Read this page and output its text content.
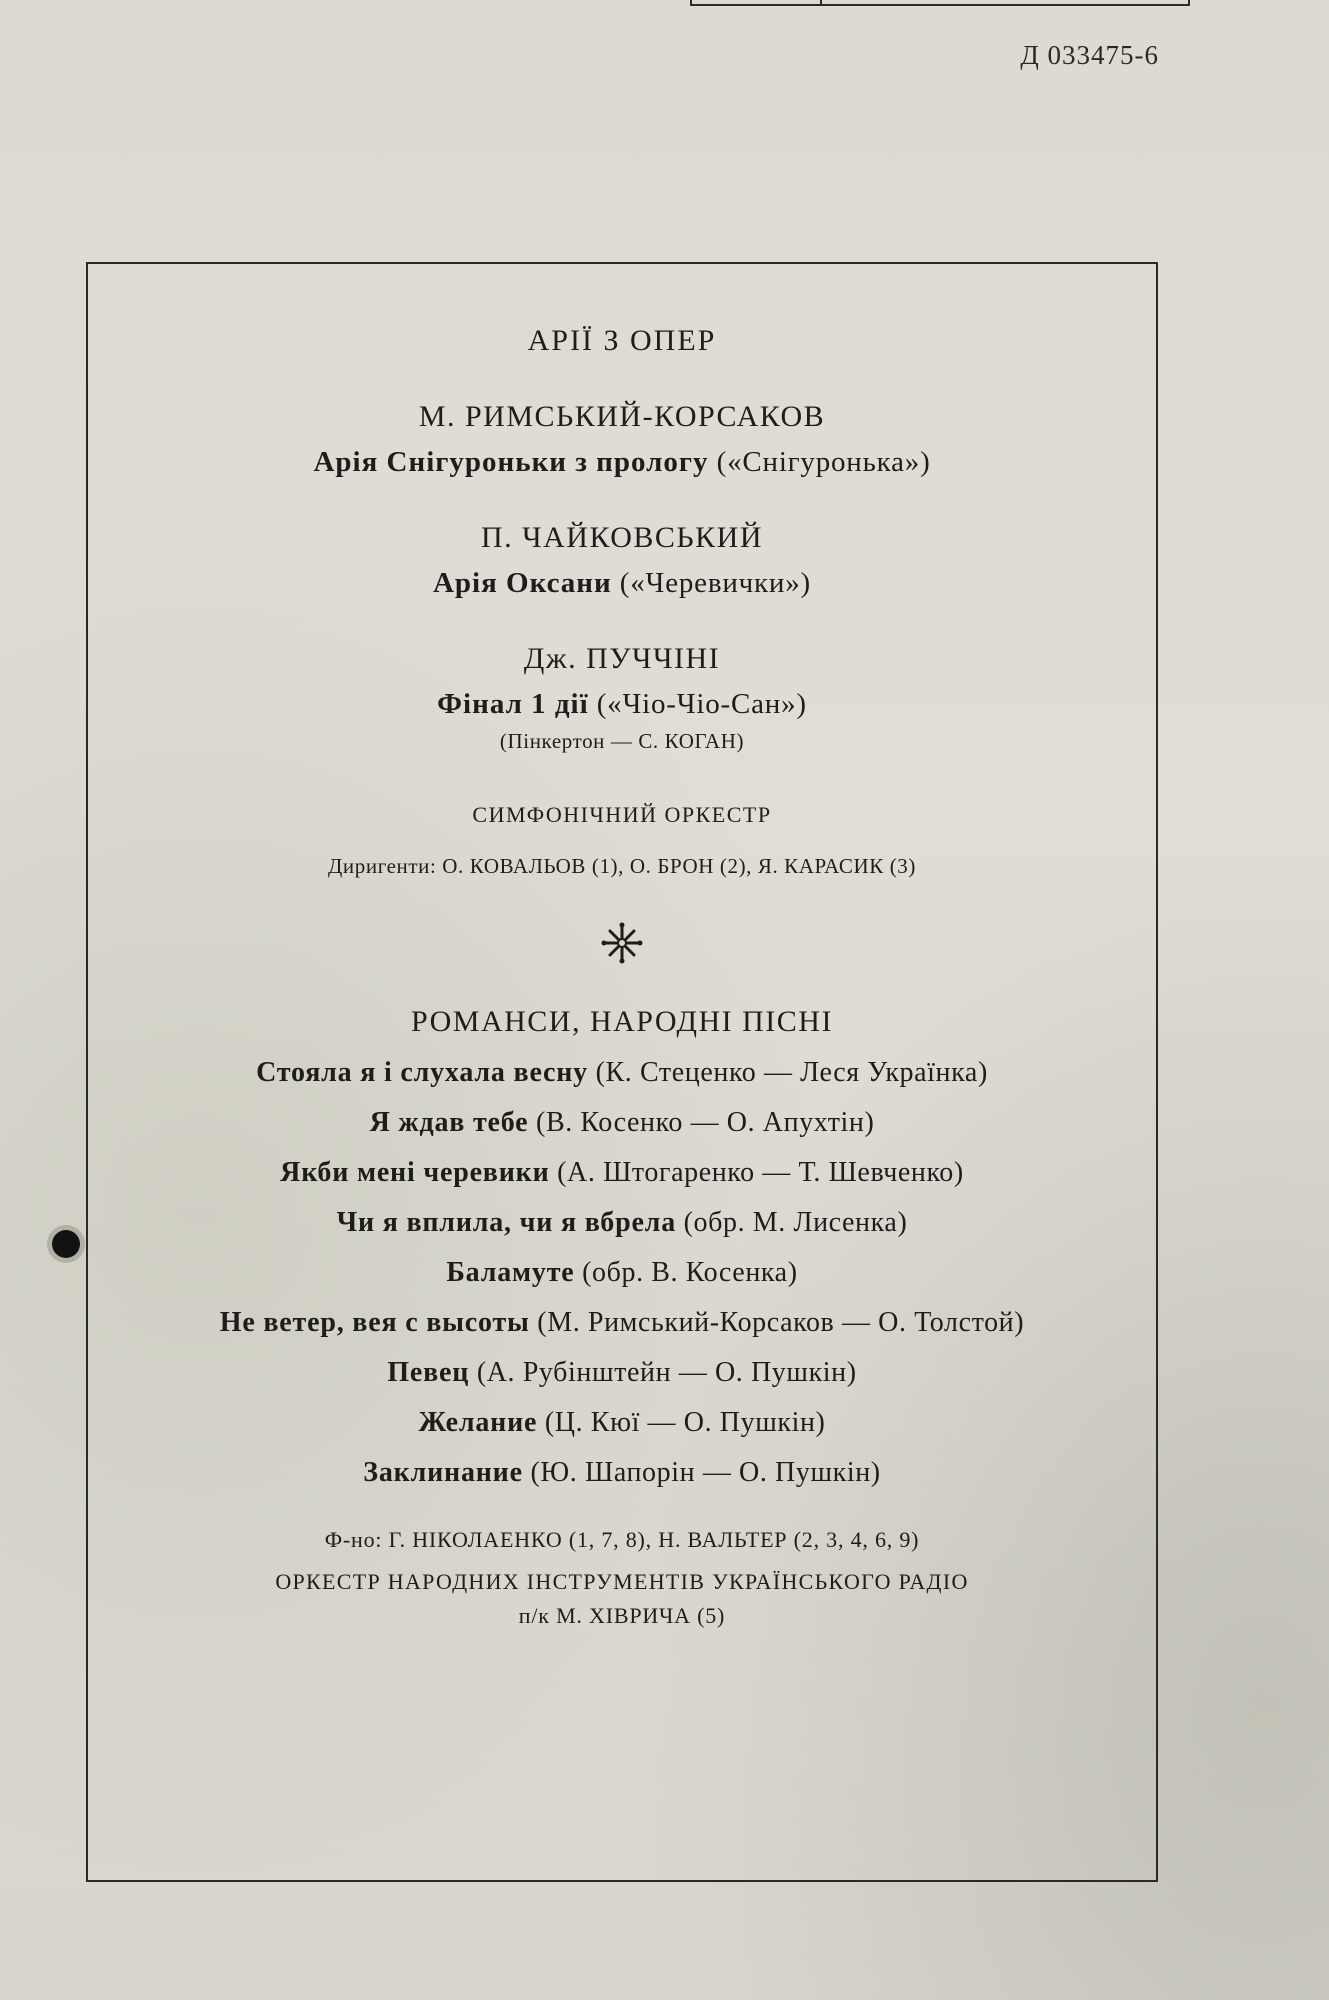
Д 033475-6
АРІЇ З ОПЕР
М. РИМСЬКИЙ-КОРСАКОВ
Арія Снігуроньки з прологу («Снігуронька»)
П. ЧАЙКОВСЬКИЙ
Арія Оксани («Черевички»)
Дж. ПУЧЧІНІ
Фінал 1 дії («Чіо-Чіо-Сан»)
(Пінкертон — С. КОГАН)
СИМФОНІЧНИЙ ОРКЕСТР
Диригенти: О. КОВАЛЬОВ (1), О. БРОН (2), Я. КАРАСИК (3)
РОМАНСИ, НАРОДНІ ПІСНІ
Стояла я і слухала весну (К. Стеценко — Леся Українка)
Я ждав тебе (В. Косенко — О. Апухтін)
Якби мені черевики (А. Штогаренко — Т. Шевченко)
Чи я вплила, чи я вбрела (обр. М. Лисенка)
Баламуте (обр. В. Косенка)
Не ветер, вея с высоты (М. Римський-Корсаков — О. Толстой)
Певец (А. Рубінштейн — О. Пушкін)
Желание (Ц. Кюї — О. Пушкін)
Заклинание (Ю. Шапорін — О. Пушкін)
Ф-но: Г. НІКОЛАЕНКО (1, 7, 8), Н. ВАЛЬТЕР (2, 3, 4, 6, 9)
ОРКЕСТР НАРОДНИХ ІНСТРУМЕНТІВ УКРАЇНСЬКОГО РАДІО
п/к М. ХІВРИЧА (5)
